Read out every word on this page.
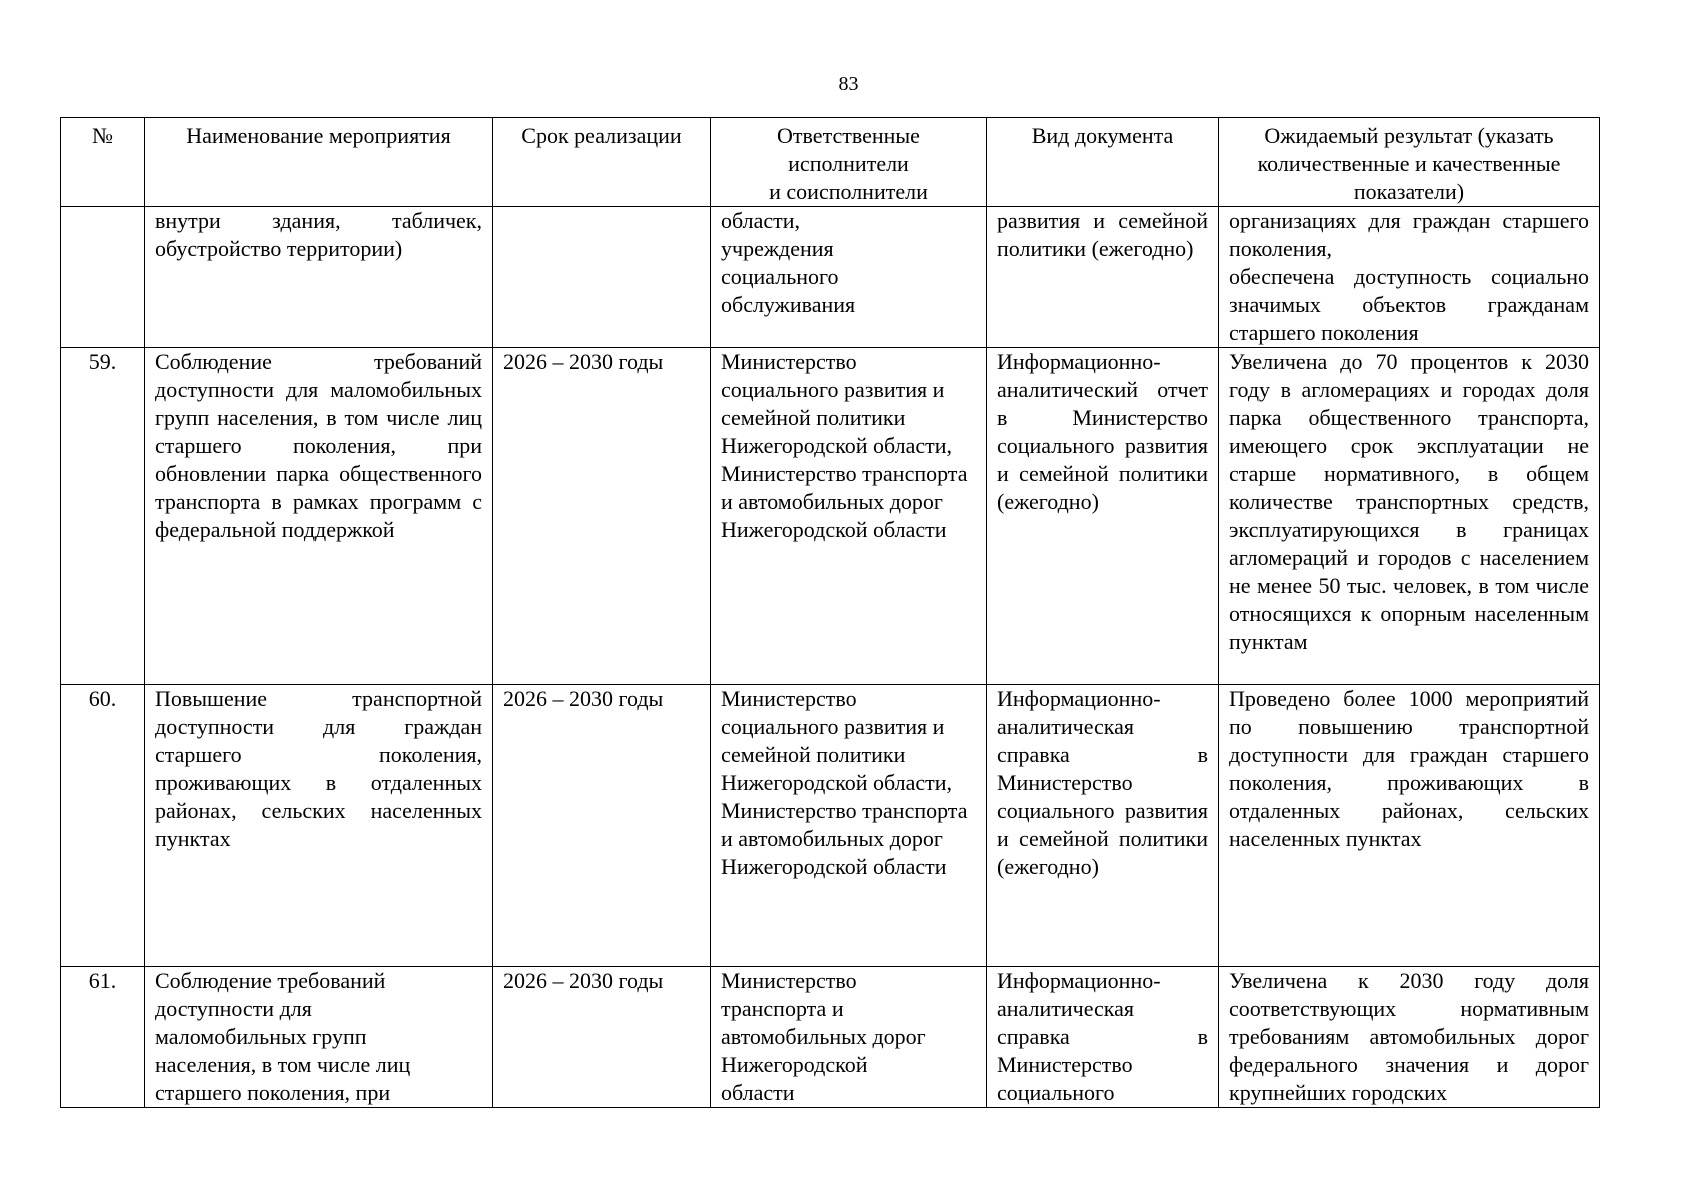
83
№	Наименование мероприятия	Срок реализации	Ответственные
исполнители
и соисполнители	Вид документа	Ожидаемый результат (указать количественные и качественные показатели)

	внутри здания, табличек, обустройство территории)		области,
учреждения
социального
обслуживания	развития и семейной политики (ежегодно)	организациях для граждан старшего поколения,
обеспечена доступность социально значимых объектов гражданам старшего поколения

59.	Соблюдение требований доступности для маломобильных групп населения, в том числе лиц старшего поколения, при обновлении парка общественного транспорта в рамках программ с федеральной поддержкой	2026 – 2030 годы	Министерство социального развития и семейной политики Нижегородской области,
Министерство транспорта и автомобильных дорог Нижегородской области	Информационно-аналитический отчет в Министерство социального развития и семейной политики (ежегодно)	Увеличена до 70 процентов к 2030 году в агломерациях и городах доля парка общественного транспорта, имеющего срок эксплуатации не старше нормативного, в общем количестве транспортных средств, эксплуатирующихся в границах агломераций и городов с населением не менее 50 тыс. человек, в том числе относящихся к опорным населенным пунктам

60.	Повышение транспортной доступности для граждан старшего поколения, проживающих в отдаленных районах, сельских населенных пунктах	2026 – 2030 годы	Министерство социального развития и семейной политики Нижегородской области,
Министерство транспорта и автомобильных дорог Нижегородской области	Информационно-аналитическая справка в Министерство социального развития и семейной политики (ежегодно)	Проведено более 1000 мероприятий по повышению транспортной доступности для граждан старшего поколения, проживающих в отдаленных районах, сельских населенных пунктах

61.	Соблюдение требований
доступности для
маломобильных групп
населения, в том числе лиц
старшего поколения, при	2026 – 2030 годы	Министерство
транспорта и
автомобильных дорог
Нижегородской
области	Информационно-аналитическая справка в Министерство социального	Увеличена к 2030 году доля соответствующих нормативным требованиям автомобильных дорог федерального значения и дорог крупнейших городских
